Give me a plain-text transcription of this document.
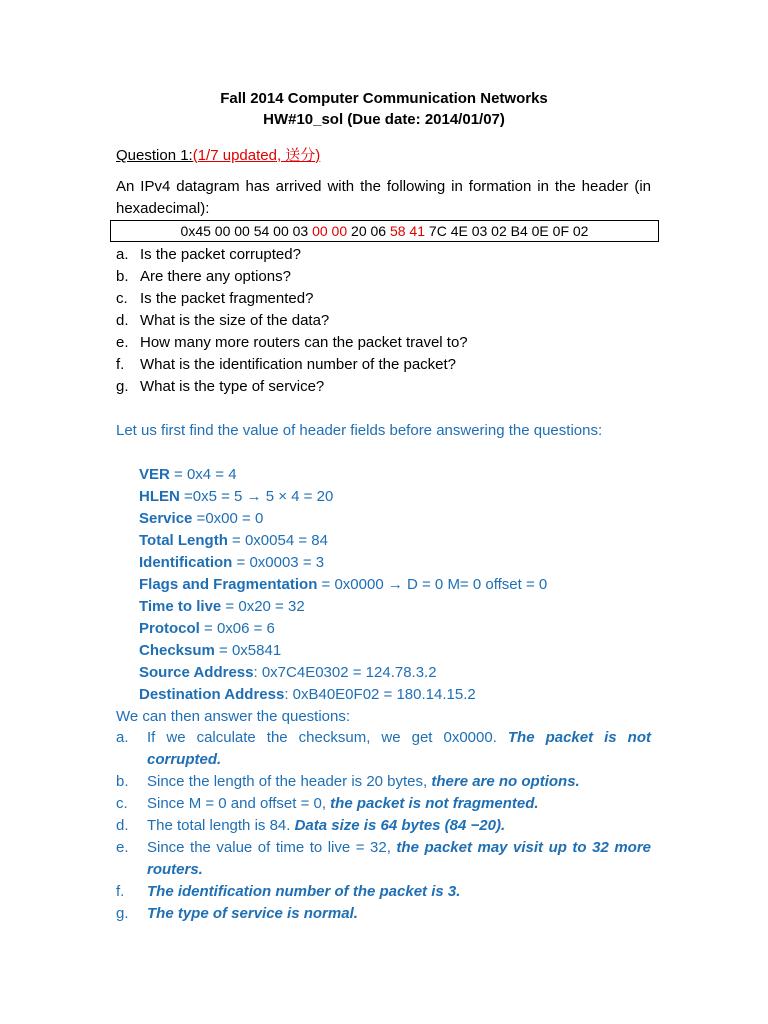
Fall 2014 Computer Communication Networks
HW#10_sol (Due date: 2014/01/07)
Question 1:(1/7 updated, 送分)
An IPv4 datagram has arrived with the following in formation in the header (in hexadecimal):
0x45 00 00 54 00 03 00 00 20 06 58 41 7C 4E 03 02 B4 0E 0F 02
a. Is the packet corrupted?
b. Are there any options?
c. Is the packet fragmented?
d. What is the size of the data?
e. How many more routers can the packet travel to?
f.	What is the identification number of the packet?
g. What is the type of service?
Let us first find the value of header fields before answering the questions:
VER = 0x4 = 4
HLEN =0x5 = 5 → 5 × 4 = 20
Service =0x00 = 0
Total Length = 0x0054 = 84
Identification = 0x0003 = 3
Flags and Fragmentation = 0x0000 → D = 0 M= 0 offset = 0
Time to live = 0x20 = 32
Protocol = 0x06 = 6
Checksum = 0x5841
Source Address: 0x7C4E0302 = 124.78.3.2
Destination Address: 0xB40E0F02 = 180.14.15.2
We can then answer the questions:
a.	If we calculate the checksum, we get 0x0000. The packet is not corrupted.
b.	Since the length of the header is 20 bytes, there are no options.
c.	Since M = 0 and offset = 0, the packet is not fragmented.
d.	The total length is 84. Data size is 64 bytes (84 −20).
e.	Since the value of time to live = 32, the packet may visit up to 32 more routers.
f.	The identification number of the packet is 3.
g.	The type of service is normal.
